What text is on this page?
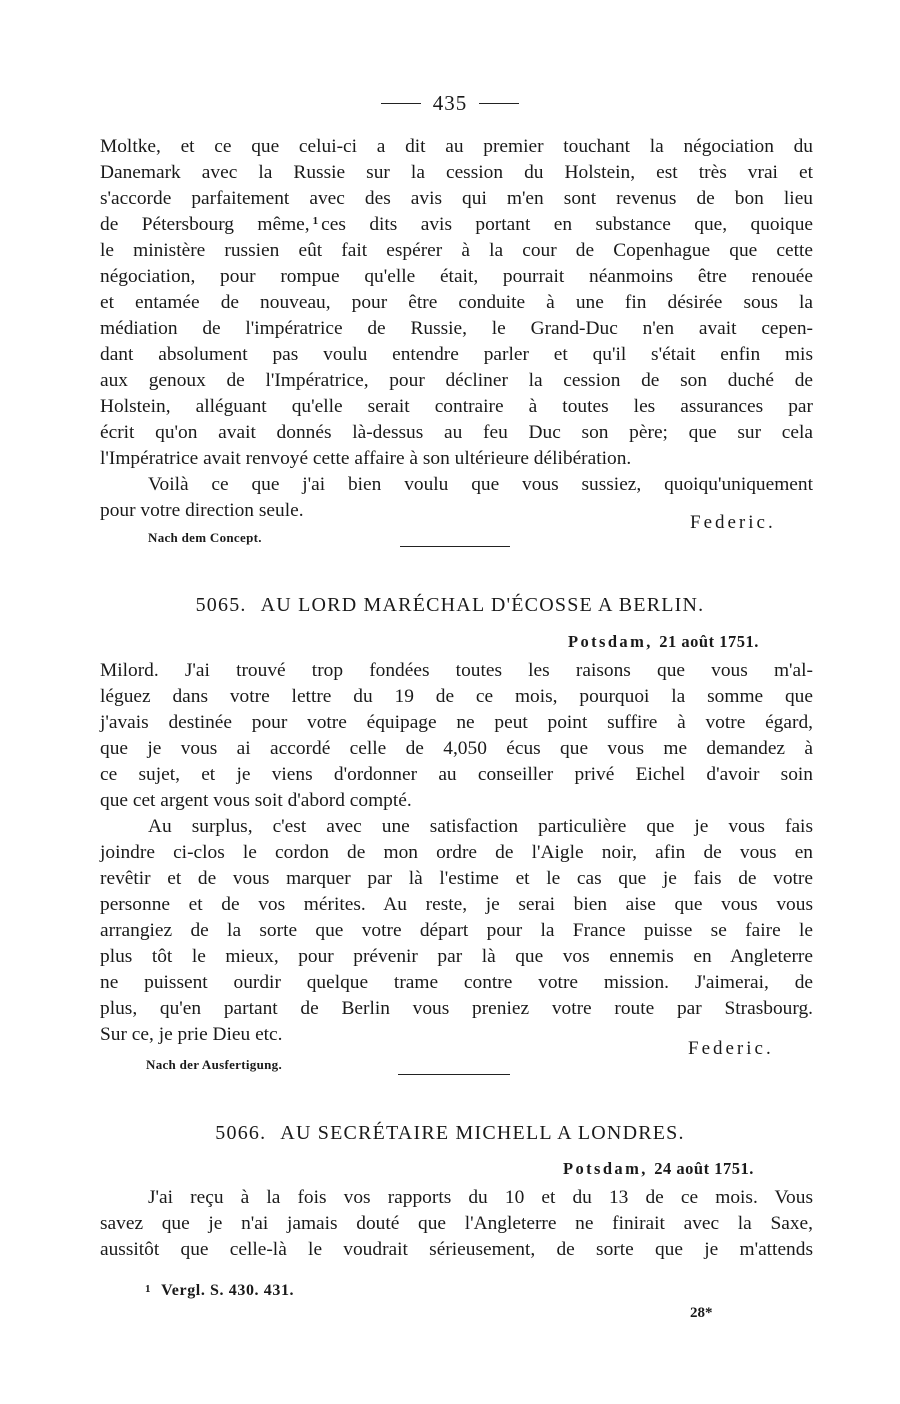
435

Moltke, et ce que celui-ci a dit au premier touchant la négociation du

Danemark avec la Russie sur la cession du Holstein, est très vrai et

s'accorde parfaitement avec des avis qui m'en sont revenus de bon lieu

de Pétersbourg même, $^1$ ces dits avis portant en substance que, quoique

le ministère russien eût fait espérer à la cour de Copenhague que cette

négociation, pour rompue qu'elle était, pourrait néanmoins être renouée

et entamée de nouveau, pour être conduite à une fin désirée sous la

médiation de l'impératrice de Russie, le Grand-Duc n'en avait cepen-

dant absolument pas voulu entendre parler et qu'il s'était enfin mis

aux genoux de l'Impératrice, pour décliner la cession de son duché de

Holstein, alléguant qu'elle serait contraire à toutes les assurances par

écrit qu'on avait donnés là-dessus au feu Duc son père; que sur cela

l'Impératrice avait renvoyé cette affaire à son ultérieure délibération.

Voilà ce que j'ai bien voulu que vous sussiez, quoiqu'uniquement

pour votre direction seule.

Federic.
Nach dem Concept.
5065. AU LORD MARÉCHAL D'ÉCOSSE A BERLIN.
Potsdam, 21 août 1751.

Milord. J'ai trouvé trop fondées toutes les raisons que vous m'al-

léguez dans votre lettre du 19 de ce mois, pourquoi la somme que

j'avais destinée pour votre équipage ne peut point suffire à votre égard,

que je vous ai accordé celle de 4,050 écus que vous me demandez à

ce sujet, et je viens d'ordonner au conseiller privé Eichel d'avoir soin

que cet argent vous soit d'abord compté.

Au surplus, c'est avec une satisfaction particulière que je vous fais

joindre ci-clos le cordon de mon ordre de l'Aigle noir, afin de vous en

revêtir et de vous marquer par là l'estime et le cas que je fais de votre

personne et de vos mérites. Au reste, je serai bien aise que vous vous

arrangiez de la sorte que votre départ pour la France puisse se faire le

plus tôt le mieux, pour prévenir par là que vos ennemis en Angleterre

ne puissent ourdir quelque trame contre votre mission. J'aimerai, de

plus, qu'en partant de Berlin vous preniez votre route par Strasbourg.

Sur ce, je prie Dieu etc.

Federic.
Nach der Ausfertigung.
5066. AU SECRÉTAIRE MICHELL A LONDRES.
Potsdam, 24 août 1751.

J'ai reçu à la fois vos rapports du 10 et du 13 de ce mois. Vous

savez que je n'ai jamais douté que l'Angleterre ne finirait avec la Saxe,

aussitôt que celle-là le voudrait sérieusement, de sorte que je m'attends

1 Vergl. S. 430. 431.
28*
